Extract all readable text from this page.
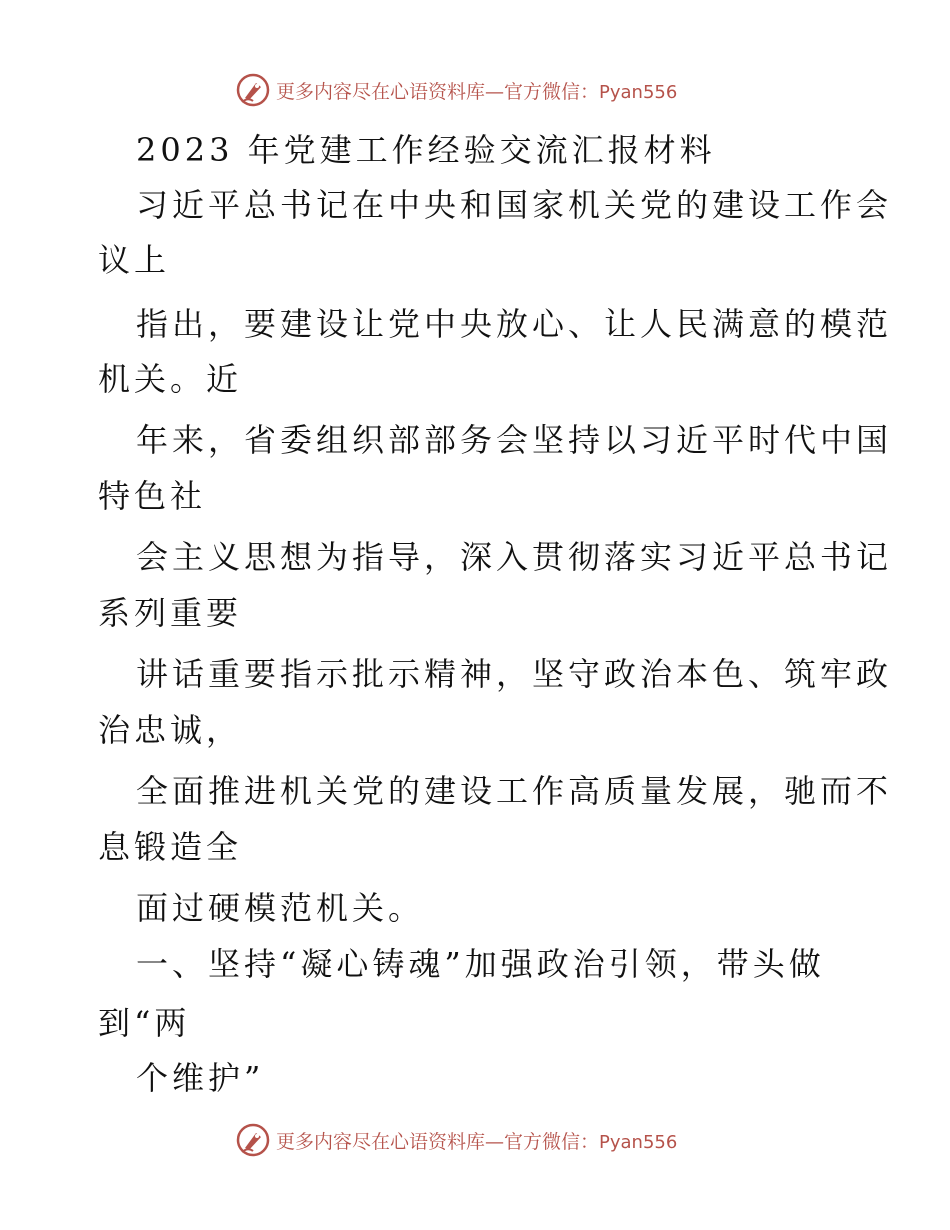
更多内容尽在心语资料库—官方微信：Pyan556
2023 年党建工作经验交流汇报材料
习近平总书记在中央和国家机关党的建设工作会
议上
指出，要建设让党中央放心、让人民满意的模范
机关。近
年来，省委组织部部务会坚持以习近平时代中国
特色社
会主义思想为指导，深入贯彻落实习近平总书记
系列重要
讲话重要指示批示精神，坚守政治本色、筑牢政
治忠诚，
全面推进机关党的建设工作高质量发展，驰而不
息锻造全
面过硬模范机关。
一、坚持“凝心铸魂”加强政治引领，带头做
到“两
个维护”
更多内容尽在心语资料库—官方微信：Pyan556
